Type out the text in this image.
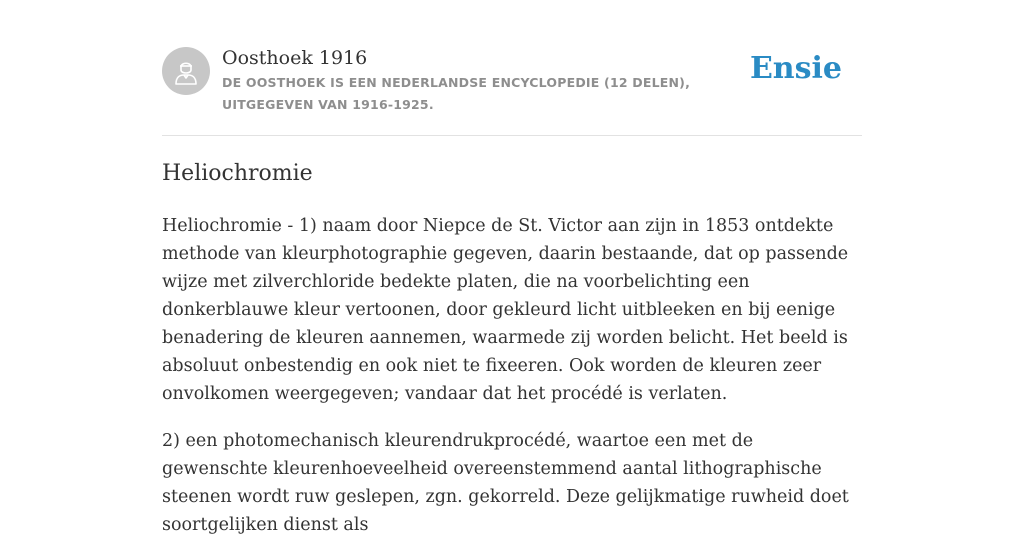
Oosthoek 1916
DE OOSTHOEK IS EEN NEDERLANDSE ENCYCLOPEDIE (12 DELEN), UITGEGEVEN VAN 1916-1925.
Ensie
Heliochromie

Heliochromie - 1) naam door Niepce de St. Victor aan zijn in 1853 ontdekte methode van kleurphotographie gegeven, daarin bestaande, dat op passende wijze met zilverchloride bedekte platen, die na voorbelichting een donkerblauwe kleur vertoonen, door gekleurd licht uitbleeken en bij eenige benadering de kleuren aannemen, waarmede zij worden belicht. Het beeld is absoluut onbestendig en ook niet te fixeeren. Ook worden de kleuren zeer onvolkomen weergegeven; vandaar dat het procédé is verlaten.

2) een photomechanisch kleurendrukprocédé, waartoe een met de gewenschte kleurenhoeveelheid overeenstemmend aantal lithographische steenen wordt ruw geslepen, zgn. gekorreld. Deze gelijkmatige ruwheid doet soortgelijken dienst als
